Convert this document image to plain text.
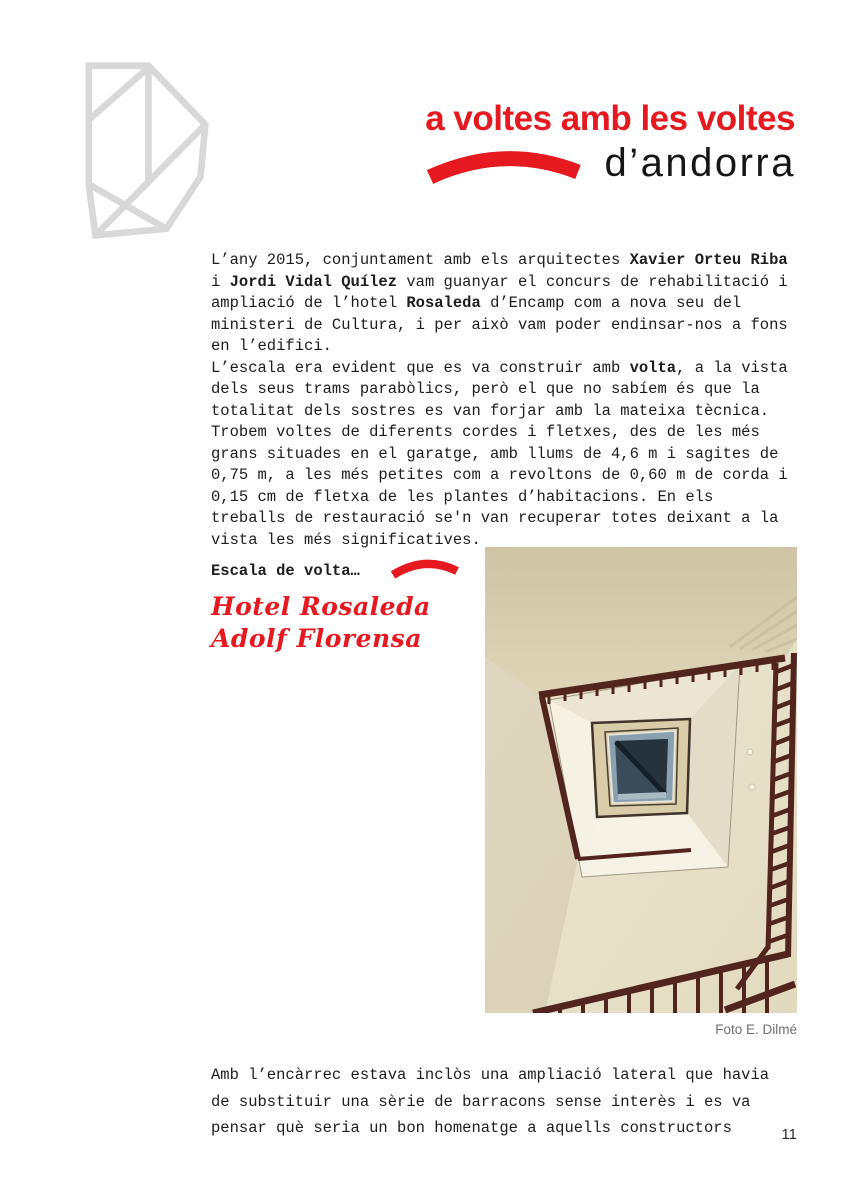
a voltes amb les voltes
d’andorra
L’any 2015, conjuntament amb els arquitectes Xavier Orteu Riba
i Jordi Vidal Quílez vam guanyar el concurs de rehabilitació i
ampliació de l’hotel Rosaleda d’Encamp com a nova seu del
ministeri de Cultura, i per això vam poder endinsar-nos a fons
en l’edifici.
L’escala era evident que es va construir amb volta, a la vista
dels seus trams parabòlics, però el que no sabíem és que la
totalitat dels sostres es van forjar amb la mateixa tècnica.
Trobem voltes de diferents cordes i fletxes, des de les més
grans situades en el garatge, amb llums de 4,6 m i sagites de
0,75 m, a les més petites com a revoltons de 0,60 m de corda i
0,15 cm de fletxa de les plantes d’habitacions. En els
treballs de restauració se'n van recuperar totes deixant a la
vista les més significatives.
Escala de volta…
Hotel Rosaleda
Adolf Florensa
Foto E. Dilmé
Amb l’encàrrec estava inclòs una ampliació lateral que havia
de substituir una sèrie de barracons sense interès i es va
pensar què seria un bon homenatge a aquells constructors	11
